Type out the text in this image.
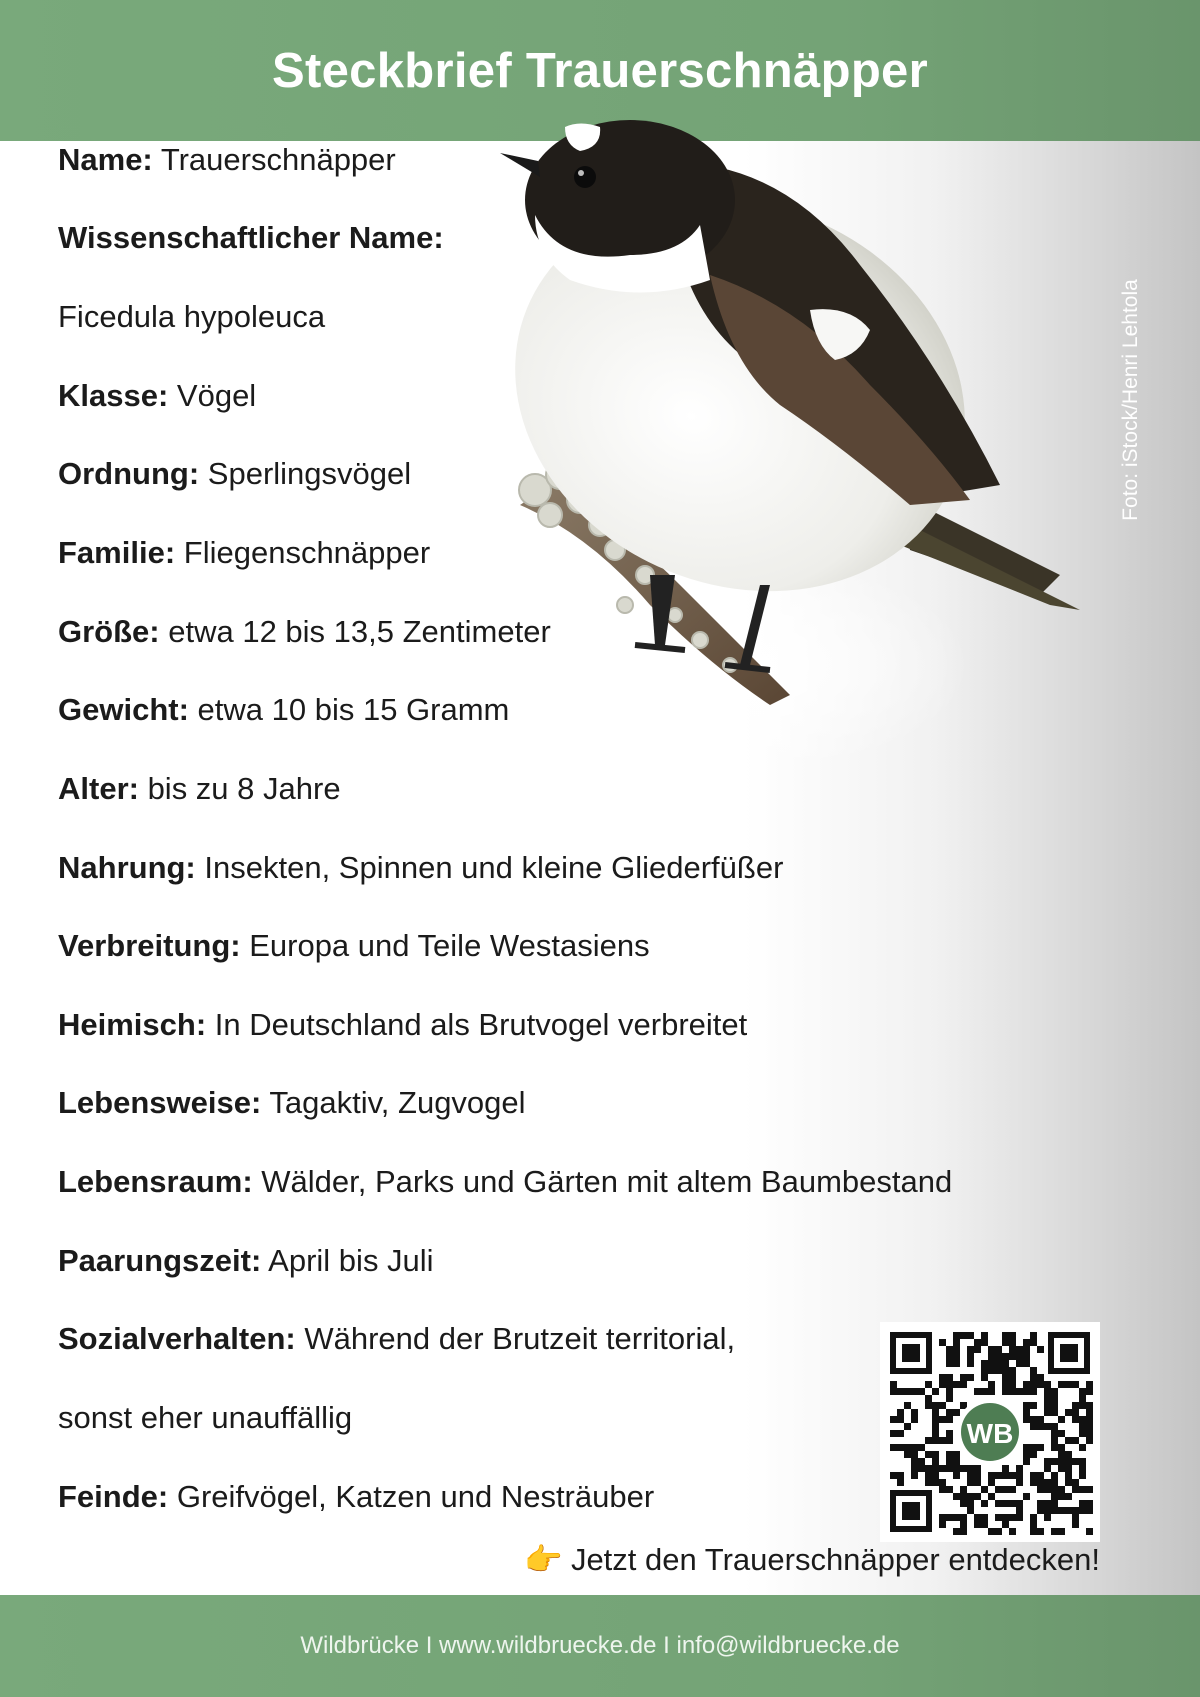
Steckbrief Trauerschnäpper
Foto: iStock/Henri Lehtola
Name: Trauerschnäpper
Wissenschaftlicher Name:
Ficedula hypoleuca
Klasse: Vögel
Ordnung: Sperlingsvögel
Familie: Fliegenschnäpper
Größe: etwa 12 bis 13,5 Zentimeter
Gewicht: etwa 10 bis 15 Gramm
Alter: bis zu 8 Jahre
Nahrung: Insekten, Spinnen und kleine Gliederfüßer
Verbreitung: Europa und Teile Westasiens
Heimisch: In Deutschland als Brutvogel verbreitet
Lebensweise: Tagaktiv, Zugvogel
Lebensraum: Wälder, Parks und Gärten mit altem Baumbestand
Paarungszeit: April bis Juli
Sozialverhalten: Während der Brutzeit territorial,
sonst eher unauffällig
Feinde: Greifvögel, Katzen und Nesträuber
WB
👉 Jetzt den Trauerschnäpper entdecken!
Wildbrücke I www.wildbruecke.de I info@wildbruecke.de
